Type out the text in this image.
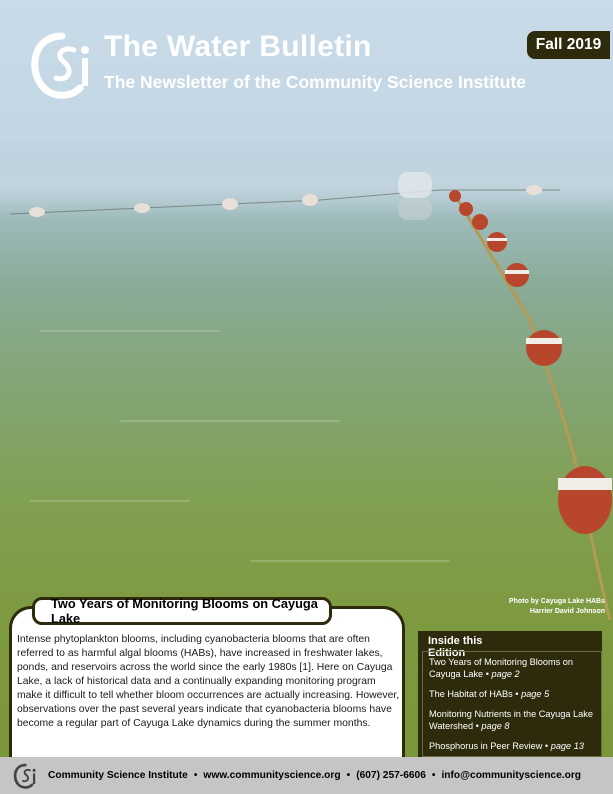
The Water Bulletin
The Newsletter of the Community Science Institute
Fall 2019
Photo by Cayuga Lake HABs
Harrier David Johnson
Two Years of Monitoring Blooms on Cayuga Lake

Intense phytoplankton blooms, including cyanobacteria blooms that are often referred to as harmful algal blooms (HABs), have increased in freshwater lakes, ponds, and reservoirs across the world since the early 1980s [1]. Here on Cayuga Lake, a lack of historical data and a continually expanding monitoring program make it difficult to tell whether bloom occurrences are actually increasing. However, observations over the past several years indicate that cyanobacteria blooms have become a regular part of Cayuga Lake dynamics during the summer months.

Inside this Edition
Two Years of Monitoring Blooms on Cayuga Lake • page 2
The Habitat of HABs • page 5
Monitoring Nutrients in the Cayuga Lake Watershed • page 8
Phosphorus in Peer Review • page 13
Community Science Institute • www.communityscience.org • (607) 257-6606 • info@communityscience.org
